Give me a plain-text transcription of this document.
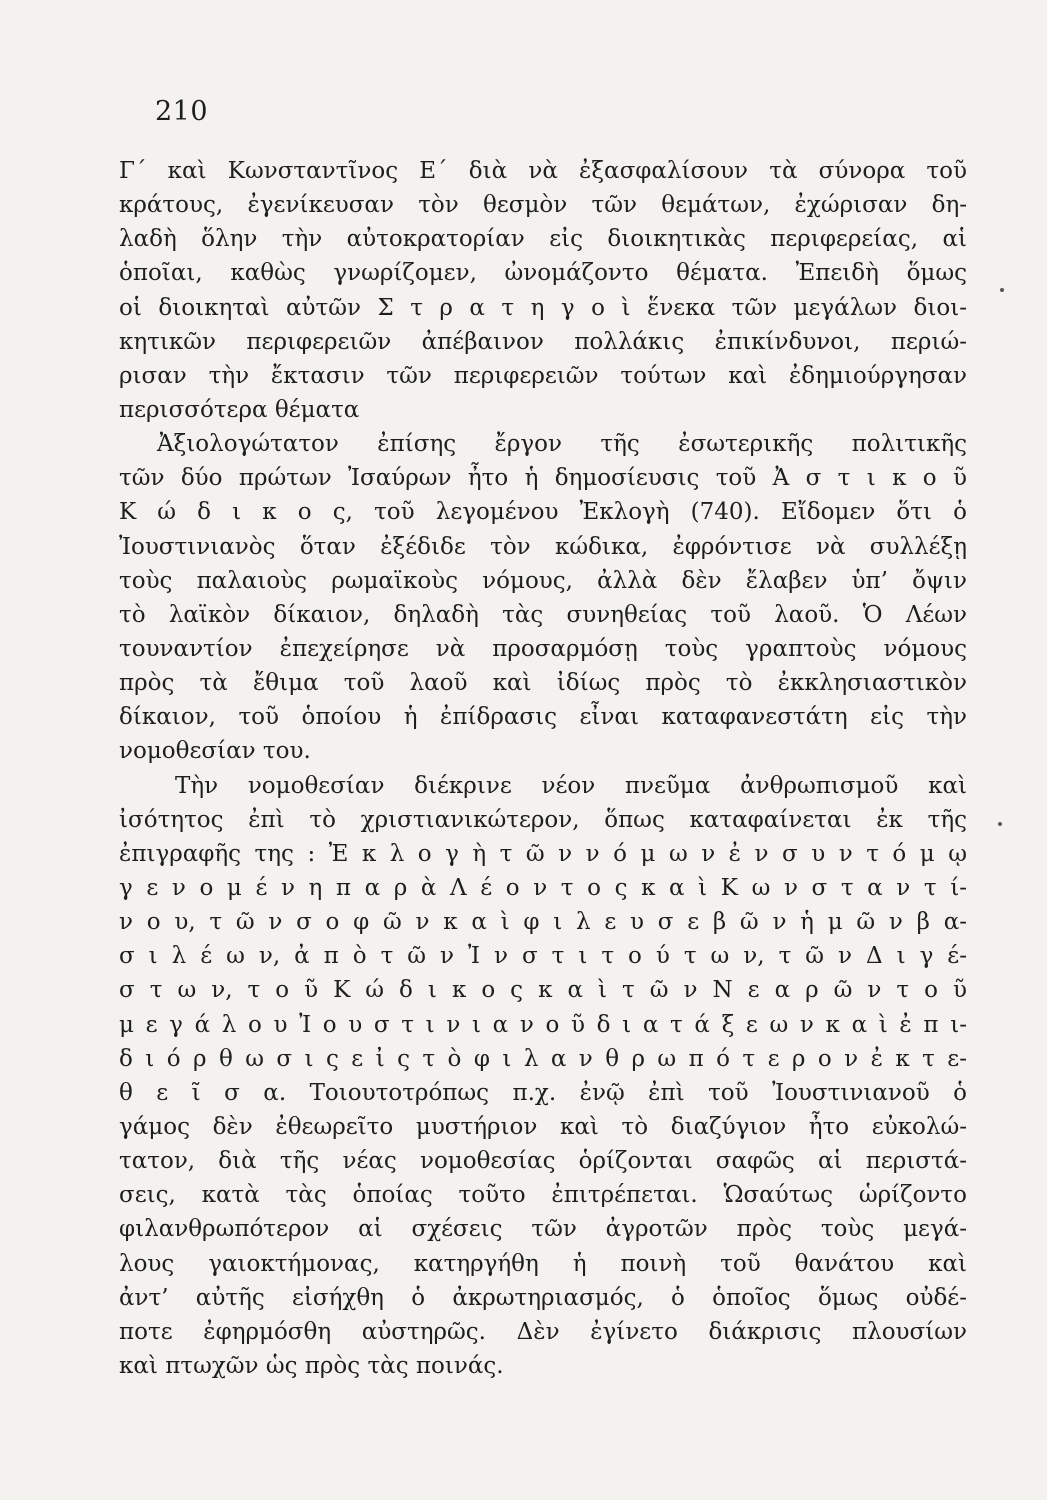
210
Γ΄ καὶ Κωνσταντῖνος Ε΄ διὰ νὰ ἐξασφαλίσουν τὰ σύνορα τοῦ
κράτους, ἐγενίκευσαν τὸν θεσμὸν τῶν θεμάτων, ἐχώρισαν δη-
λαδὴ ὅλην τὴν αὐτοκρατορίαν εἰς διοικητικὰς περιφερείας, αἱ
ὁποῖαι, καθὼς γνωρίζομεν, ὠνομάζοντο θέματα. Ἐπειδὴ ὅμως
οἱ διοικηταὶ αὐτῶν Σ τ ρ α τ η γ ο ὶ ἕνεκα τῶν μεγάλων διοι-
κητικῶν περιφερειῶν ἀπέβαινον πολλάκις ἐπικίνδυνοι, περιώ-
ρισαν τὴν ἔκτασιν τῶν περιφερειῶν τούτων καὶ ἐδημιούργησαν
περισσότερα θέματα
Ἀξιολογώτατον ἐπίσης ἔργον τῆς ἐσωτερικῆς πολιτικῆς
τῶν δύο πρώτων Ἰσαύρων ἦτο ἡ δημοσίευσις τοῦ Ἀ σ τ ι κ ο ῦ
Κ ώ δ ι κ ο ς, τοῦ λεγομένου Ἐκλογὴ (740). Εἴδομεν ὅτι ὁ
Ἰουστινιανὸς ὅταν ἐξέδιδε τὸν κώδικα, ἐφρόντισε νὰ συλλέξῃ
τοὺς παλαιοὺς ρωμαϊκοὺς νόμους, ἀλλὰ δὲν ἔλαβεν ὑπ’ ὄψιν
τὸ λαϊκὸν δίκαιον, δηλαδὴ τὰς συνηθείας τοῦ λαοῦ. Ὁ Λέων
τουναντίον ἐπεχείρησε νὰ προσαρμόσῃ τοὺς γραπτοὺς νόμους
πρὸς τὰ ἔθιμα τοῦ λαοῦ καὶ ἰδίως πρὸς τὸ ἐκκλησιαστικὸν
δίκαιον, τοῦ ὁποίου ἡ ἐπίδρασις εἶναι καταφανεστάτη εἰς τὴν
νομοθεσίαν του.
Τὴν νομοθεσίαν διέκρινε νέον πνεῦμα ἀνθρωπισμοῦ καὶ
ἰσότητος ἐπὶ τὸ χριστιανικώτερον, ὅπως καταφαίνεται ἐκ τῆς
ἐπιγραφῆς της : Ἐ κ λ ο γ ὴ τ ῶ ν ν ό μ ω ν ἐ ν σ υ ν τ ό μ ῳ
γ ε ν ο μ έ ν η π α ρ ὰ Λ έ ο ν τ ο ς κ α ὶ Κ ω ν σ τ α ν τ ί-
ν ο υ, τ ῶ ν σ ο φ ῶ ν κ α ὶ φ ι λ ε υ σ ε β ῶ ν ἡ μ ῶ ν β α-
σ ι λ έ ω ν, ἀ π ὸ τ ῶ ν Ἰ ν σ τ ι τ ο ύ τ ω ν, τ ῶ ν Δ ι γ έ-
σ τ ω ν, τ ο ῦ Κ ώ δ ι κ ο ς κ α ὶ τ ῶ ν Ν ε α ρ ῶ ν τ ο ῦ
μ ε γ ά λ ο υ Ἰ ο υ σ τ ι ν ι α ν ο ῦ δ ι α τ ά ξ ε ω ν κ α ὶ ἐ π ι-
δ ι ό ρ θ ω σ ι ς ε ἰ ς τ ὸ φ ι λ α ν θ ρ ω π ό τ ε ρ ο ν ἐ κ τ ε-
θ ε ῖ σ α. Τοιουτοτρόπως π.χ. ἐνῷ ἐπὶ τοῦ Ἰουστινιανοῦ ὁ
γάμος δὲν ἐθεωρεῖτο μυστήριον καὶ τὸ διαζύγιον ἦτο εὐκολώ-
τατον, διὰ τῆς νέας νομοθεσίας ὁρίζονται σαφῶς αἱ περιστά-
σεις, κατὰ τὰς ὁποίας τοῦτο ἐπιτρέπεται. Ὡσαύτως ὡρίζοντο
φιλανθρωπότερον αἱ σχέσεις τῶν ἀγροτῶν πρὸς τοὺς μεγά-
λους γαιοκτήμονας, κατηργήθη ἡ ποινὴ τοῦ θανάτου καὶ
ἀντ’ αὐτῆς εἰσήχθη ὁ ἀκρωτηριασμός, ὁ ὁποῖος ὅμως οὐδέ-
ποτε ἐφηρμόσθη αὐστηρῶς. Δὲν ἐγίνετο διάκρισις πλουσίων
καὶ πτωχῶν ὡς πρὸς τὰς ποινάς.
